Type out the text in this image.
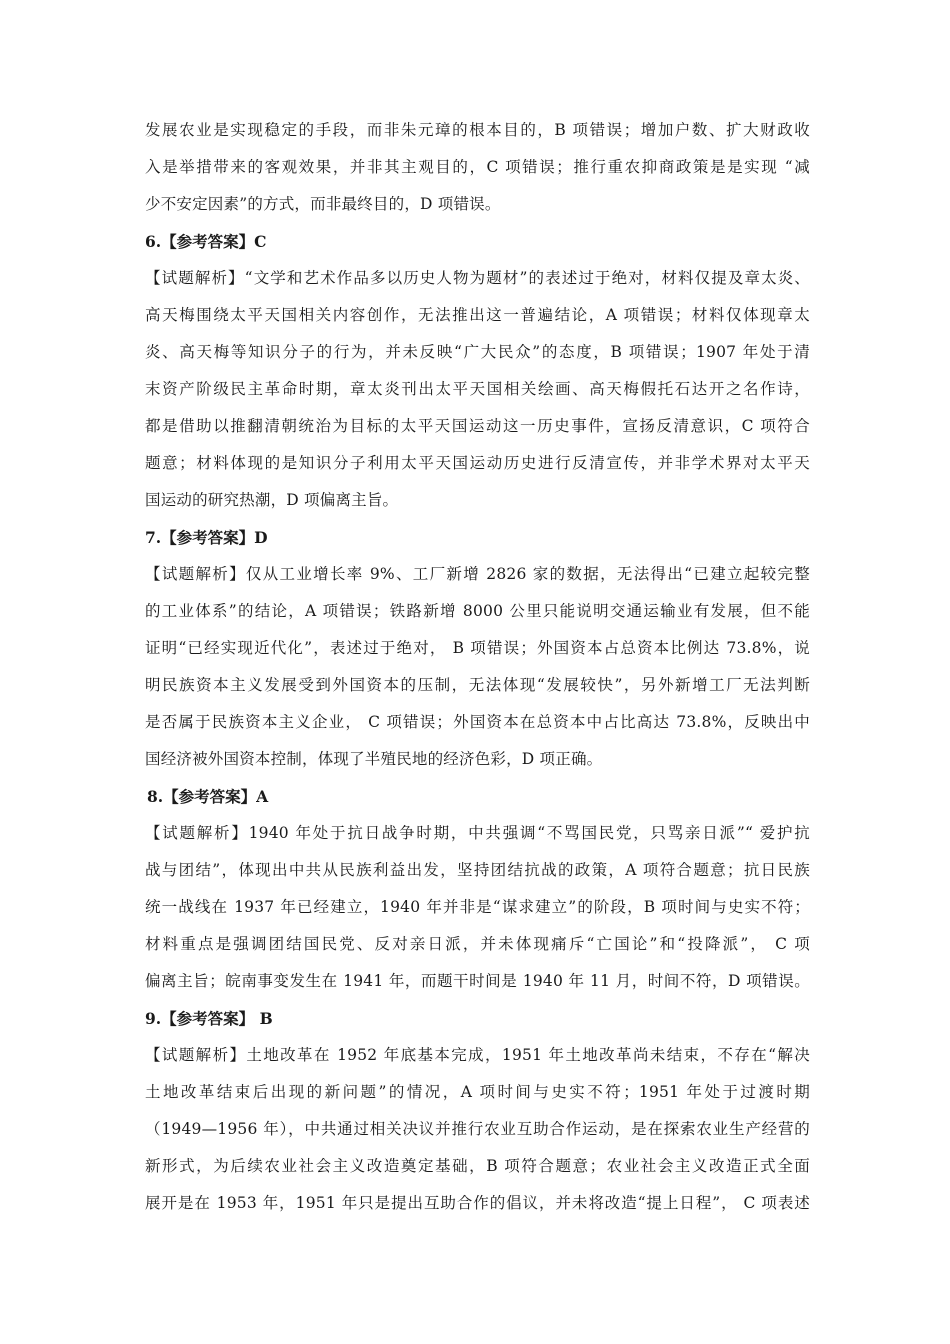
发展农业是实现稳定的手段，而非朱元璋的根本目的，B 项错误；增加户数、扩大财政收
入是举措带来的客观效果，并非其主观目的，C 项错误；推行重农抑商政策是是实现 “减
少不安定因素”的方式，而非最终目的，D 项错误。
6.【参考答案】C
【试题解析】“文学和艺术作品多以历史人物为题材”的表述过于绝对，材料仅提及章太炎、
高天梅围绕太平天国相关内容创作，无法推出这一普遍结论，A 项错误；材料仅体现章太
炎、高天梅等知识分子的行为，并未反映“广大民众”的态度，B 项错误；1907 年处于清
末资产阶级民主革命时期，章太炎刊出太平天国相关绘画、高天梅假托石达开之名作诗，
都是借助以推翻清朝统治为目标的太平天国运动这一历史事件，宣扬反清意识，C 项符合
题意；材料体现的是知识分子利用太平天国运动历史进行反清宣传，并非学术界对太平天
国运动的研究热潮，D 项偏离主旨。
7.【参考答案】D
【试题解析】仅从工业增长率 9%、工厂新增 2826 家的数据，无法得出“已建立起较完整
的工业体系”的结论，A 项错误；铁路新增 8000 公里只能说明交通运输业有发展，但不能
证明“已经实现近代化”，表述过于绝对， B 项错误；外国资本占总资本比例达 73.8%，说
明民族资本主义发展受到外国资本的压制，无法体现“发展较快”，另外新增工厂无法判断
是否属于民族资本主义企业， C 项错误；外国资本在总资本中占比高达 73.8%，反映出中
国经济被外国资本控制，体现了半殖民地的经济色彩，D 项正确。
8.【参考答案】A
【试题解析】1940 年处于抗日战争时期，中共强调“不骂国民党，只骂亲日派”“ 爱护抗
战与团结”，体现出中共从民族利益出发，坚持团结抗战的政策，A 项符合题意；抗日民族
统一战线在 1937 年已经建立，1940 年并非是“谋求建立”的阶段，B 项时间与史实不符；
材料重点是强调团结国民党、反对亲日派，并未体现痛斥“亡国论”和“投降派”， C 项
偏离主旨；皖南事变发生在 1941 年，而题干时间是 1940 年 11 月，时间不符，D 项错误。
9.【参考答案】 B
【试题解析】土地改革在 1952 年底基本完成，1951 年土地改革尚未结束，不存在“解决
土地改革结束后出现的新问题”的情况，A 项时间与史实不符；1951 年处于过渡时期
（1949—1956 年），中共通过相关决议并推行农业互助合作运动，是在探索农业生产经营的
新形式，为后续农业社会主义改造奠定基础，B 项符合题意；农业社会主义改造正式全面
展开是在 1953 年，1951 年只是提出互助合作的倡议，并未将改造“提上日程”， C 项表述
